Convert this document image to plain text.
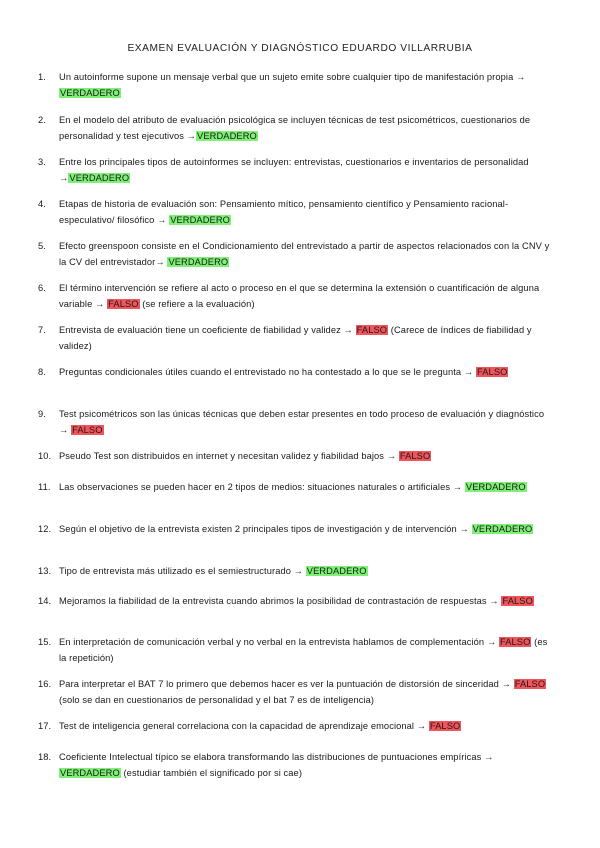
EXAMEN EVALUACIÓN Y DIAGNÓSTICO EDUARDO VILLARRUBIA
1.	Un autoinforme supone un mensaje verbal que un sujeto emite sobre cualquier tipo de manifestación propia → VERDADERO
2.	En el modelo del atributo de evaluación psicológica se incluyen técnicas de test psicométricos, cuestionarios de personalidad y test ejecutivos →VERDADERO
3.	Entre los principales tipos de autoinformes se incluyen: entrevistas, cuestionarios e inventarios de personalidad →VERDADERO
4.	Etapas de historia de evaluación son: Pensamiento mítico, pensamiento científico y Pensamiento racional- especulativo/ filosófico → VERDADERO
5.	Efecto greenspoon consiste en el Condicionamiento del entrevistado a partir de aspectos relacionados con la CNV y la CV del entrevistador→ VERDADERO
6.	El término intervención se refiere al acto o proceso en el que se determina la extensión o cuantificación de alguna variable → FALSO (se refiere a la evaluación)
7.	Entrevista de evaluación tiene un coeficiente de fiabilidad y validez → FALSO (Carece de índices de fiabilidad y validez)
8.	Preguntas condicionales útiles cuando el entrevistado no ha contestado a lo que se le pregunta → FALSO
9.	Test psicométricos son las únicas técnicas que deben estar presentes en todo proceso de evaluación y diagnóstico → FALSO
10. Pseudo Test son distribuidos en internet y necesitan validez y fiabilidad bajos → FALSO
11. Las observaciones se pueden hacer en 2 tipos de medios: situaciones naturales o artificiales → VERDADERO
12. Según el objetivo de la entrevista existen 2 principales tipos de investigación y de intervención → VERDADERO
13. Tipo de entrevista más utilizado es el semiestructurado → VERDADERO
14. Mejoramos la fiabilidad de la entrevista cuando abrimos la posibilidad de contrastación de respuestas → FALSO
15. En interpretación de comunicación verbal y no verbal en la entrevista hablamos de complementación → FALSO (es la repetición)
16. Para interpretar el BAT 7 lo primero que debemos hacer es ver la puntuación de distorsión de sinceridad → FALSO (solo se dan en cuestionarios de personalidad y el bat 7 es de inteligencia)
17. Test de inteligencia general correlaciona con la capacidad de aprendizaje emocional → FALSO
18. Coeficiente Intelectual típico se elabora transformando las distribuciones de puntuaciones empíricas → VERDADERO (estudiar también el significado por si cae)
